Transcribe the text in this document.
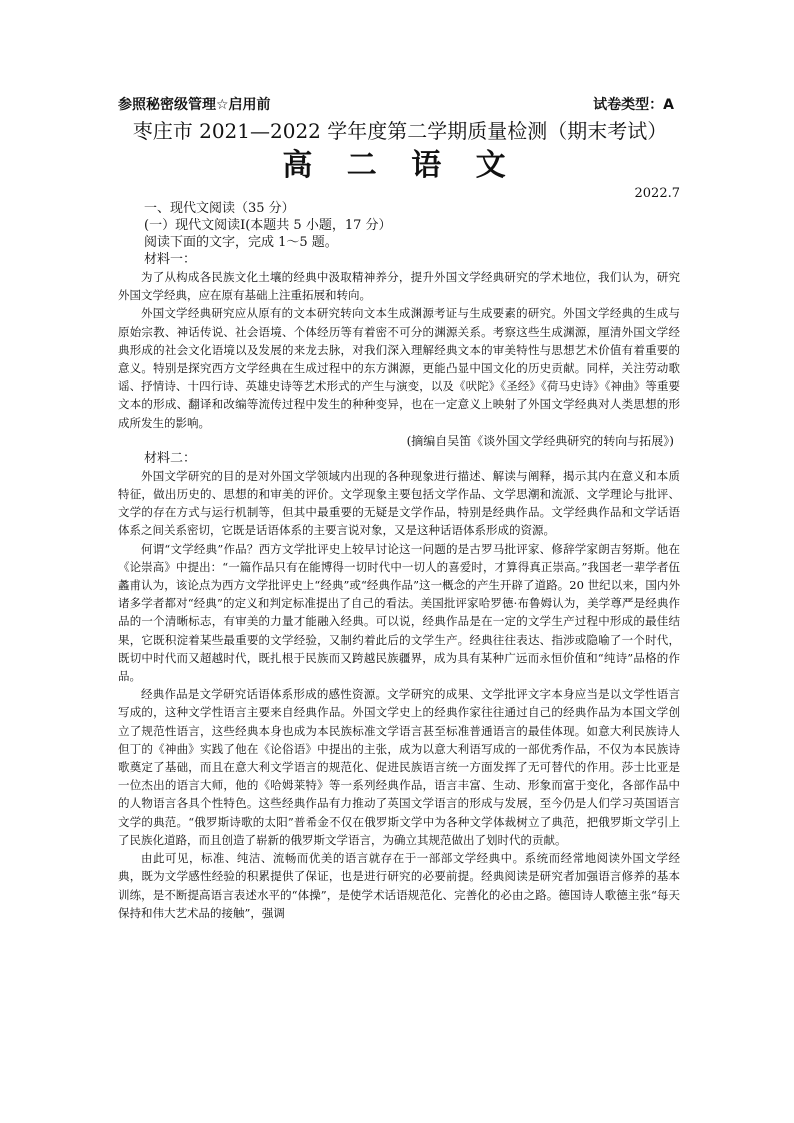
参照秘密级管理☆启用前	试卷类型：A
枣庄市 2021—2022 学年度第二学期质量检测（期末考试）
高 二 语 文
2022.7

一、现代文阅读（35 分）

(一）现代文阅读Ⅰ(本题共 5 小题，17 分）

阅读下面的文字，完成 1～5 题。

材料一：

为了从构成各民族文化土壤的经典中汲取精神养分，提升外国文学经典研究的学术地位，我们认为，研究外国文学经典，应在原有基础上注重拓展和转向。

外国文学经典研究应从原有的文本研究转向文本生成渊源考证与生成要素的研究。外国文学经典的生成与原始宗教、神话传说、社会语境、个体经历等有着密不可分的渊源关系。考察这些生成渊源，厘清外国文学经典形成的社会文化语境以及发展的来龙去脉，对我们深入理解经典文本的审美特性与思想艺术价值有着重要的意义。特别是探究西方文学经典在生成过程中的东方渊源，更能凸显中国文化的历史贡献。同样，关注劳动歌谣、抒情诗、十四行诗、英雄史诗等艺术形式的产生与演变，以及《吠陀》《圣经》《荷马史诗》《神曲》等重要文本的形成、翻译和改编等流传过程中发生的种种变异，也在一定意义上映射了外国文学经典对人类思想的形成所发生的影响。

(摘编自吴笛《谈外国文学经典研究的转向与拓展》)

材料二：

外国文学研究的目的是对外国文学领域内出现的各种现象进行描述、解读与阐释，揭示其内在意义和本质特征，做出历史的、思想的和审美的评价。文学现象主要包括文学作品、文学思潮和流派、文学理论与批评、文学的存在方式与运行机制等，但其中最重要的无疑是文学作品，特别是经典作品。文学经典作品和文学话语体系之间关系密切，它既是话语体系的主要言说对象，又是这种话语体系形成的资源。

何谓“文学经典”作品？西方文学批评史上较早讨论这一问题的是古罗马批评家、修辞学家朗吉努斯。他在《论崇高》中提出：“一篇作品只有在能博得一切时代中一切人的喜爱时，才算得真正崇高。”我国老一辈学者伍蠡甫认为，该论点为西方文学批评史上“经典”或“经典作品”这一概念的产生开辟了道路。20 世纪以来，国内外诸多学者都对“经典”的定义和判定标准提出了自己的看法。美国批评家哈罗德·布鲁姆认为，美学尊严是经典作品的一个清晰标志，有审美的力量才能融入经典。可以说，经典作品是在一定的文学生产过程中形成的最佳结果，它既积淀着某些最重要的文学经验，又制约着此后的文学生产。经典往往表达、指涉或隐喻了一个时代，既切中时代而又超越时代，既扎根于民族而又跨越民族疆界，成为具有某种广远而永恒价值和“纯诗”品格的作品。

经典作品是文学研究话语体系形成的感性资源。文学研究的成果、文学批评文字本身应当是以文学性语言写成的，这种文学性语言主要来自经典作品。外国文学史上的经典作家往往通过自己的经典作品为本国文学创立了规范性语言，这些经典本身也成为本民族标准文学语言甚至标准普通语言的最佳体现。如意大利民族诗人但丁的《神曲》实践了他在《论俗语》中提出的主张，成为以意大利语写成的一部优秀作品，不仅为本民族诗歌奠定了基础，而且在意大利文学语言的规范化、促进民族语言统一方面发挥了无可替代的作用。莎士比亚是一位杰出的语言大师，他的《哈姆莱特》等一系列经典作品，语言丰富、生动、形象而富于变化，各部作品中的人物语言各具个性特色。这些经典作品有力推动了英国文学语言的形成与发展，至今仍是人们学习英国语言文学的典范。“俄罗斯诗歌的太阳”普希金不仅在俄罗斯文学中为各种文学体裁树立了典范，把俄罗斯文学引上了民族化道路，而且创造了崭新的俄罗斯文学语言，为确立其规范做出了划时代的贡献。

由此可见，标准、纯洁、流畅而优美的语言就存在于一部部文学经典中。系统而经常地阅读外国文学经典，既为文学感性经验的积累提供了保证，也是进行研究的必要前提。经典阅读是研究者加强语言修养的基本训练，是不断提高语言表述水平的“体操”，是使学术话语规范化、完善化的必由之路。德国诗人歌德主张“每天保持和伟大艺术品的接触”，强调
